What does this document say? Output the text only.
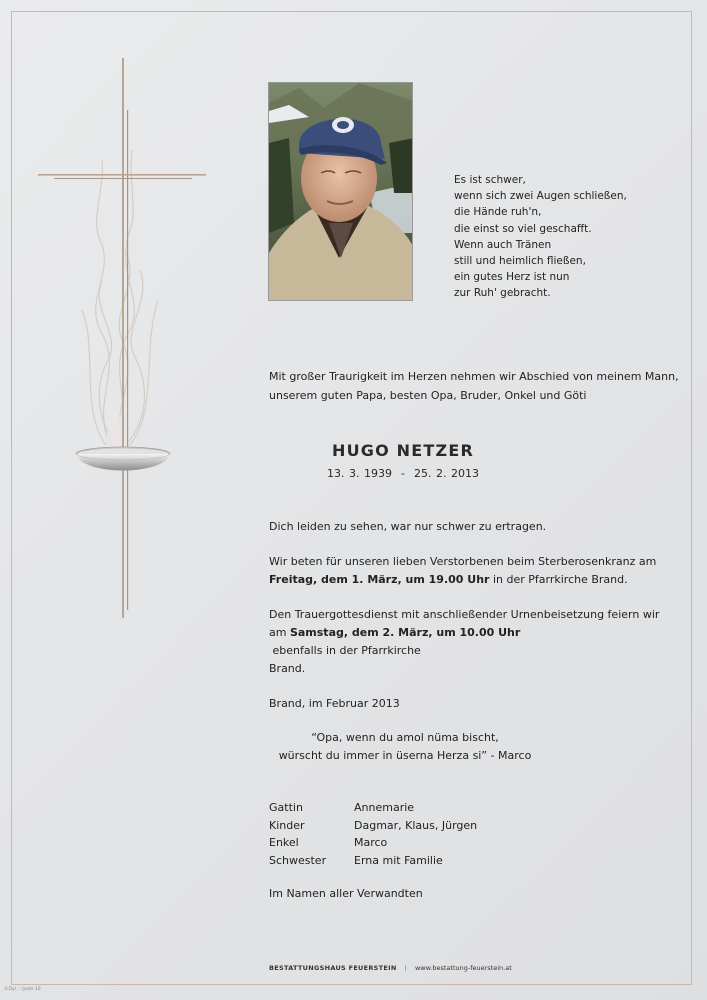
Es ist schwer,
wenn sich zwei Augen schließen,
die Hände ruh'n,
die einst so viel geschafft.
Wenn auch Tränen
still und heimlich fließen,
ein gutes Herz ist nun
zur Ruh' gebracht.
Mit großer Traurigkeit im Herzen nehmen wir Abschied von meinem Mann,
unserem guten Papa, besten Opa, Bruder, Onkel und Göti
HUGO NETZER
13. 3. 1939  -  25. 2. 2013

Dich leiden zu sehen, war nur schwer zu ertragen.

Wir beten für unseren lieben Verstorbenen beim Sterberosenkranz am
Freitag, dem 1. März, um 19.00 Uhr in der Pfarrkirche Brand.

Den Trauergottesdienst mit anschließender Urnenbeisetzung feiern wir
am Samstag, dem 2. März, um 10.00 Uhr ebenfalls in der Pfarrkirche
Brand.

Brand, im Februar 2013

“Opa, wenn du amol nüma bischt,
würscht du immer in üserna Herza si” - Marco
Gattin	Annemarie
Kinder	Dagmar, Klaus, Jürgen
Enkel	Marco
Schwester	Erna mit Familie
Im Namen aller Verwandten
BESTATTUNGSHAUS FEUERSTEIN | www.bestattung-feuerstein.at
©Dyl. – Juste 10
